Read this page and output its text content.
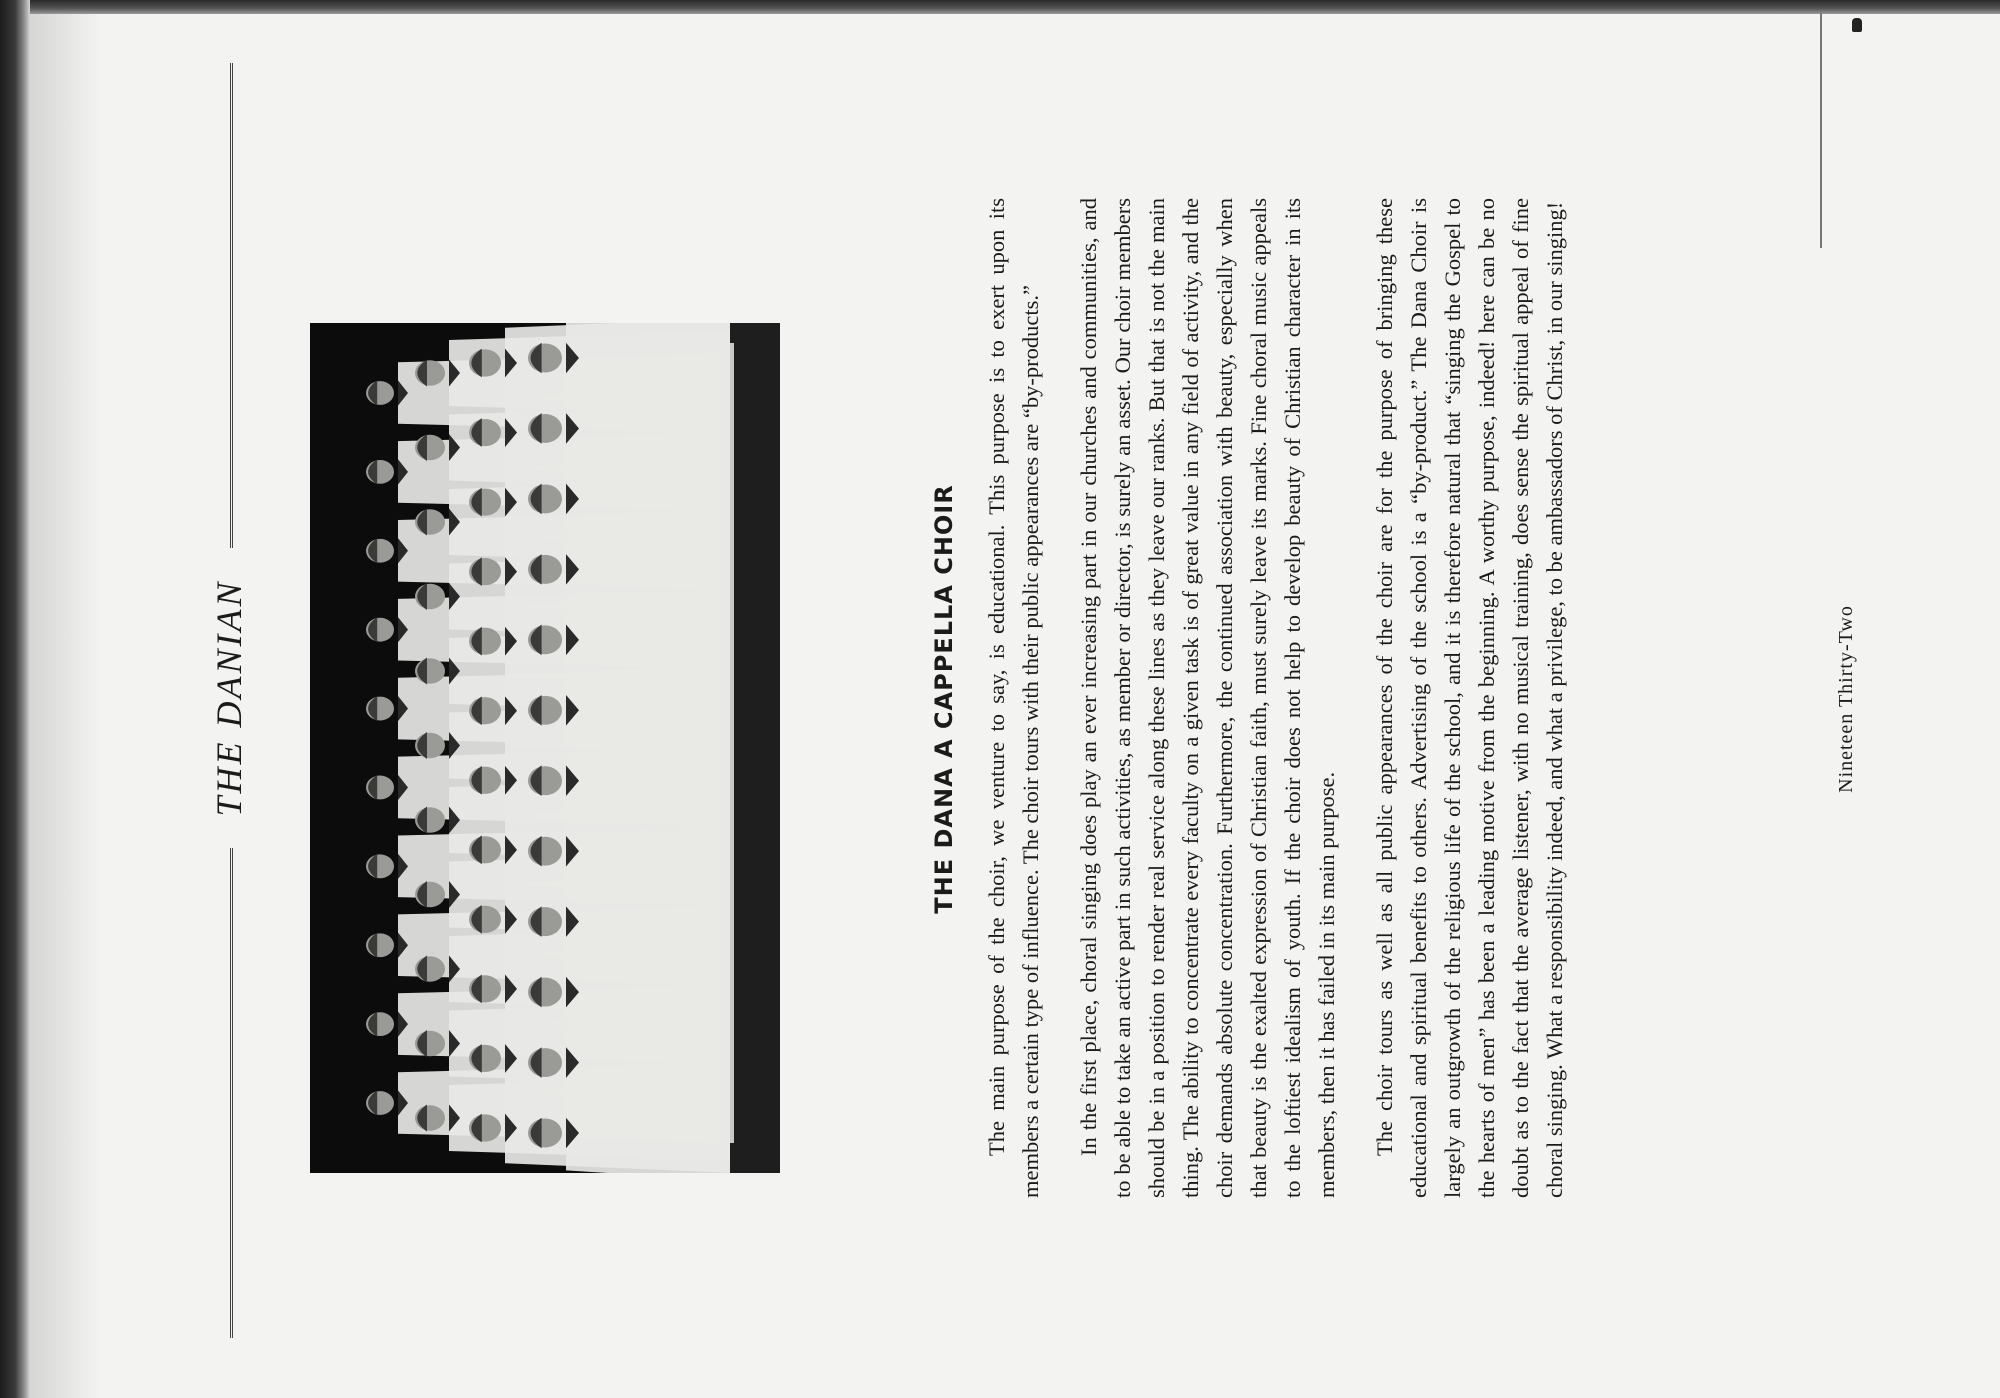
THE DANIAN	THE DANA A CAPPELLA CHOIR The main purpose of the choir, we venture to say, is educational. This purpose is to exert upon its members a certain type of influence. The choir tours with their public appearances are “by-products.” In the first place, choral singing does play an ever increasing part in our churches and communities, and to be able to take an active part in such activities, as member or director, is surely an asset. Our choir members should be in a position to render real service along these lines as they leave our ranks. But that is not the main thing. The ability to concentrate every faculty on a given task is of great value in any field of activity, and the choir demands absolute concentration. Furthermore, the continued association with beauty, especially when that beauty is the exalted expression of Christian faith, must surely leave its marks. Fine choral music appeals to the loftiest idealism of youth. If the choir does not help to develop beauty of Christian character in its members, then it has failed in its main purpose. The choir tours as well as all public appearances of the choir are for the purpose of bringing these educational and spiritual benefits to others. Advertising of the school is a “by-product.” The Dana Choir is largely an outgrowth of the religious life of the school, and it is therefore natural that “singing the Gospel to the hearts of men” has been a leading motive from the beginning. A worthy purpose, indeed! here can be no doubt as to the fact that the average listener, with no musical training, does sense the spiritual appeal of fine choral singing. What a responsibility indeed, and what a privilege, to be ambassadors of Christ, in our singing!	Nineteen Thirty-Two
